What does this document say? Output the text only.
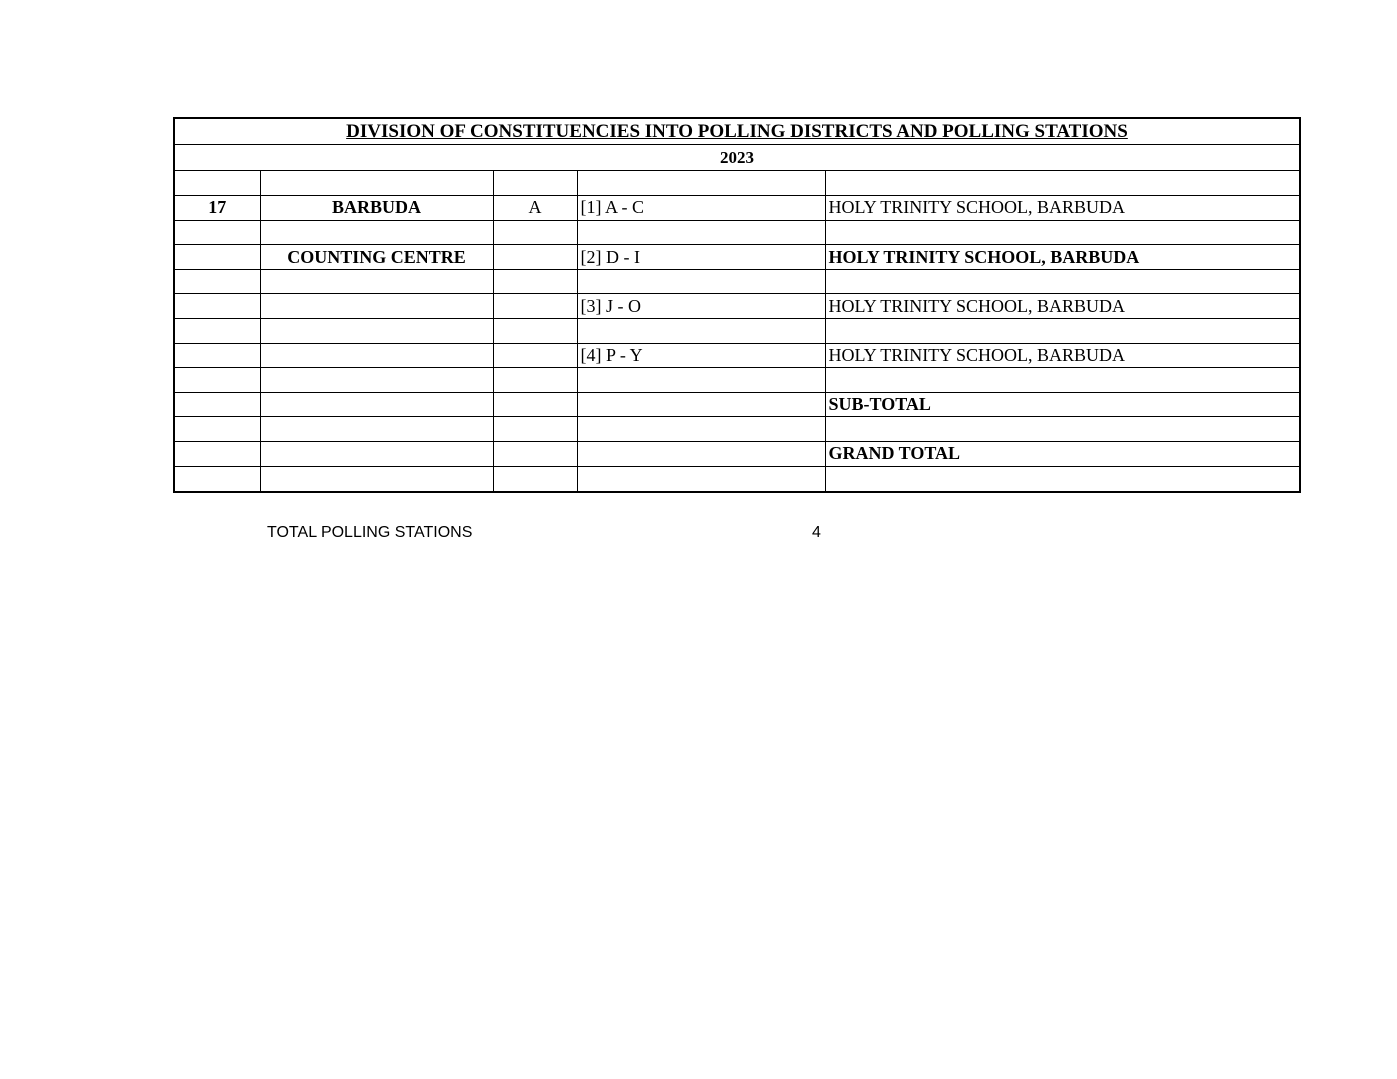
DIVISION OF CONSTITUENCIES INTO POLLING DISTRICTS AND POLLING STATIONS
2023

17	BARBUDA	A	[1] A - C	HOLY TRINITY SCHOOL, BARBUDA

	COUNTING CENTRE		[2] D - I	HOLY TRINITY SCHOOL, BARBUDA

			[3] J - O	HOLY TRINITY SCHOOL, BARBUDA

			[4] P - Y	HOLY TRINITY SCHOOL, BARBUDA

				SUB-TOTAL

				GRAND TOTAL

TOTAL POLLING STATIONS	4
